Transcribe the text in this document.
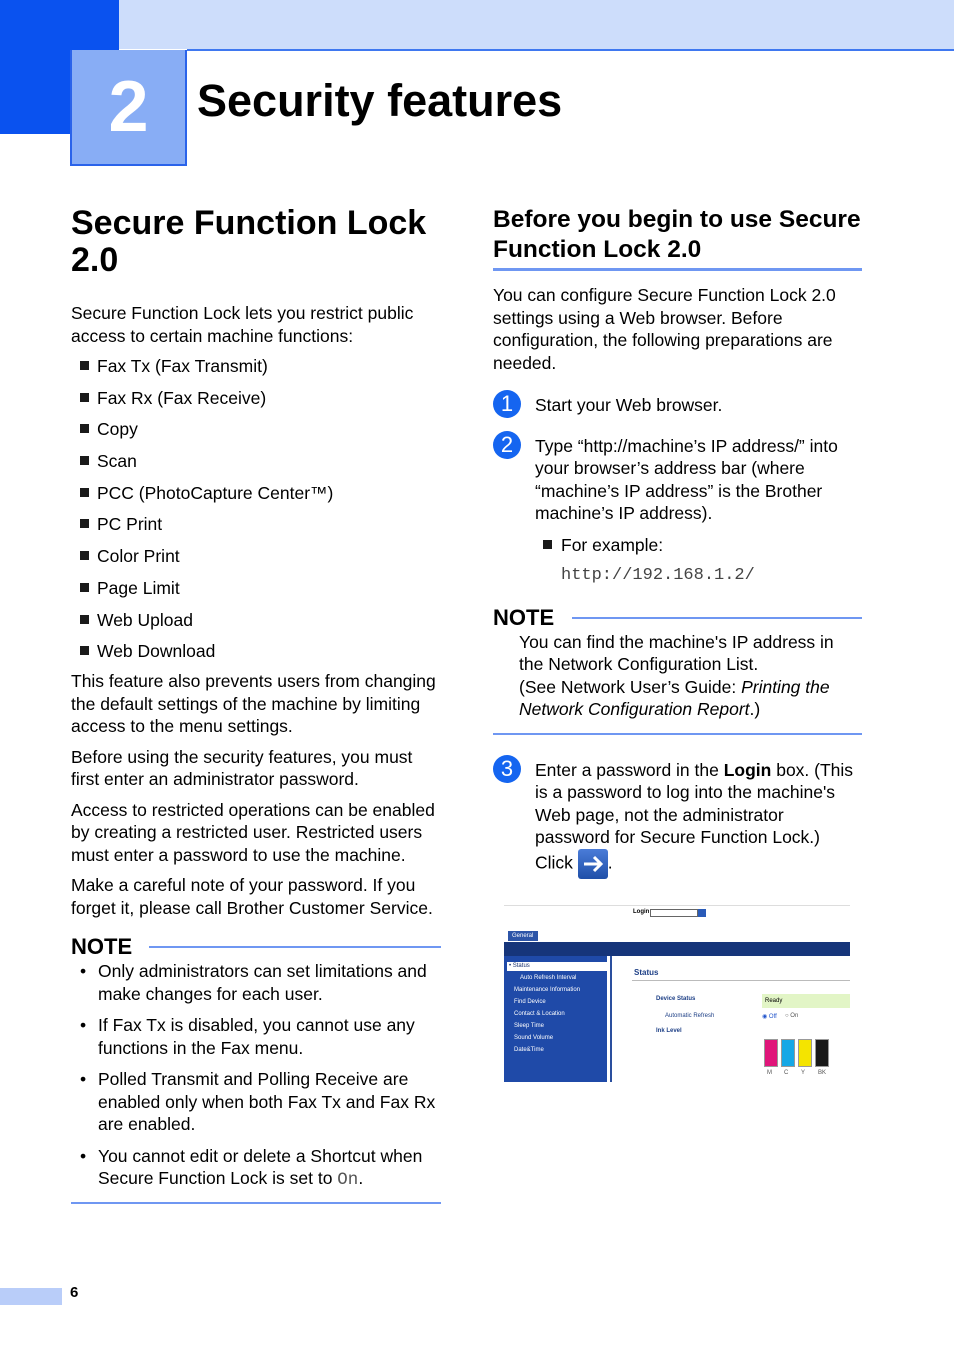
2 Security features
Secure Function Lock 2.0

Secure Function Lock lets you restrict public access to certain machine functions:

Fax Tx (Fax Transmit)
Fax Rx (Fax Receive)
Copy
Scan
PCC (PhotoCapture Center™)
PC Print
Color Print
Page Limit
Web Upload
Web Download

This feature also prevents users from changing the default settings of the machine by limiting access to the menu settings.

Before using the security features, you must first enter an administrator password.

Access to restricted operations can be enabled by creating a restricted user. Restricted users must enter a password to use the machine.

Make a careful note of your password. If you forget it, please call Brother Customer Service.

NOTE
• Only administrators can set limitations and make changes for each user.
• If Fax Tx is disabled, you cannot use any functions in the Fax menu.
• Polled Transmit and Polling Receive are enabled only when both Fax Tx and Fax Rx are enabled.
• You cannot edit or delete a Shortcut when Secure Function Lock is set to On.
Before you begin to use Secure Function Lock 2.0

You can configure Secure Function Lock 2.0 settings using a Web browser. Before configuration, the following preparations are needed.

1	Start your Web browser.

2	Type “http://machine’s IP address/” into your browser’s address bar (where “machine’s IP address” is the Brother machine’s IP address).

For example:
http://192.168.1.2/
NOTE

You can find the machine's IP address in the Network Configuration List.

(See Network User’s Guide: Printing the Network Configuration Report.)

3	Enter a password in the Login box. (This is a password to log into the machine's Web page, not the administrator password for Secure Function Lock.) Click .

Login
General
• Status
Auto Refresh Interval
Maintenance Information
Find Device
Contact & Location
Sleep Time
Sound Volume
Date&Time
Status
Device Status	Ready
Automatic Refresh	◉ Off ○ On
Ink Level
M C Y BK
6
